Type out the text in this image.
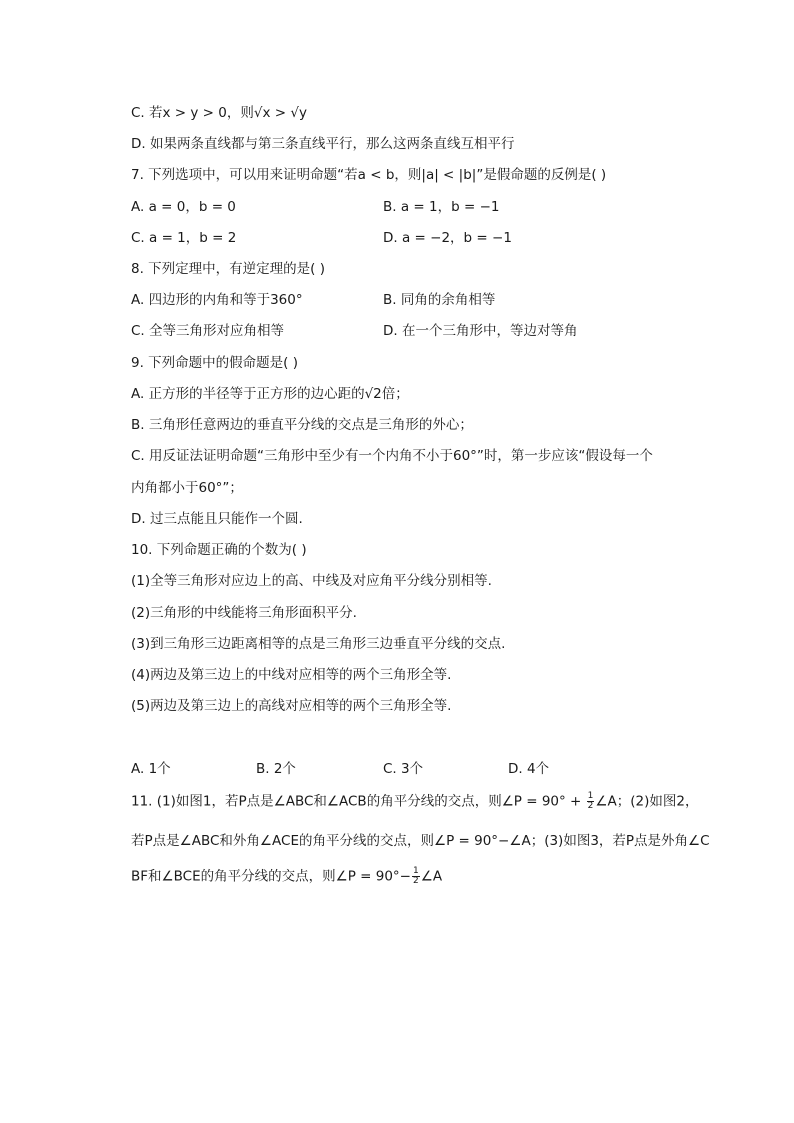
C. 若x > y > 0，则√x > √y
D. 如果两条直线都与第三条直线平行，那么这两条直线互相平行
7. 下列选项中，可以用来证明命题“若a < b，则|a| < |b|”是假命题的反例是( )
A. a = 0，b = 0	B. a = 1，b = −1
C. a = 1，b = 2	D. a = −2，b = −1
8. 下列定理中，有逆定理的是( )
A. 四边形的内角和等于360°	B. 同角的余角相等
C. 全等三角形对应角相等	D. 在一个三角形中，等边对等角
9. 下列命题中的假命题是( )
A. 正方形的半径等于正方形的边心距的√2倍；
B. 三角形任意两边的垂直平分线的交点是三角形的外心；
C. 用反证法证明命题“三角形中至少有一个内角不小于60°”时，第一步应该“假设每一个
内角都小于60°”；
D. 过三点能且只能作一个圆.
10. 下列命题正确的个数为( )
(1)全等三角形对应边上的高、中线及对应角平分线分别相等.
(2)三角形的中线能将三角形面积平分.
(3)到三角形三边距离相等的点是三角形三边垂直平分线的交点.
(4)两边及第三边上的中线对应相等的两个三角形全等.
(5)两边及第三边上的高线对应相等的两个三角形全等.
A. 1个	B. 2个	C. 3个	D. 4个
11. (1)如图1，若P点是∠ABC和∠ACB的角平分线的交点，则∠P = $90^\circ + \frac{1}{2}$ ∠A；(2)如图2，
若P点是∠ABC和外角∠ACE的角平分线的交点，则∠P = 90°−∠A；(3)如图3，若P点是外角∠C
BF和∠BCE的角平分线的交点，则∠P = $90^\circ- \frac{1}{2}$ ∠A
